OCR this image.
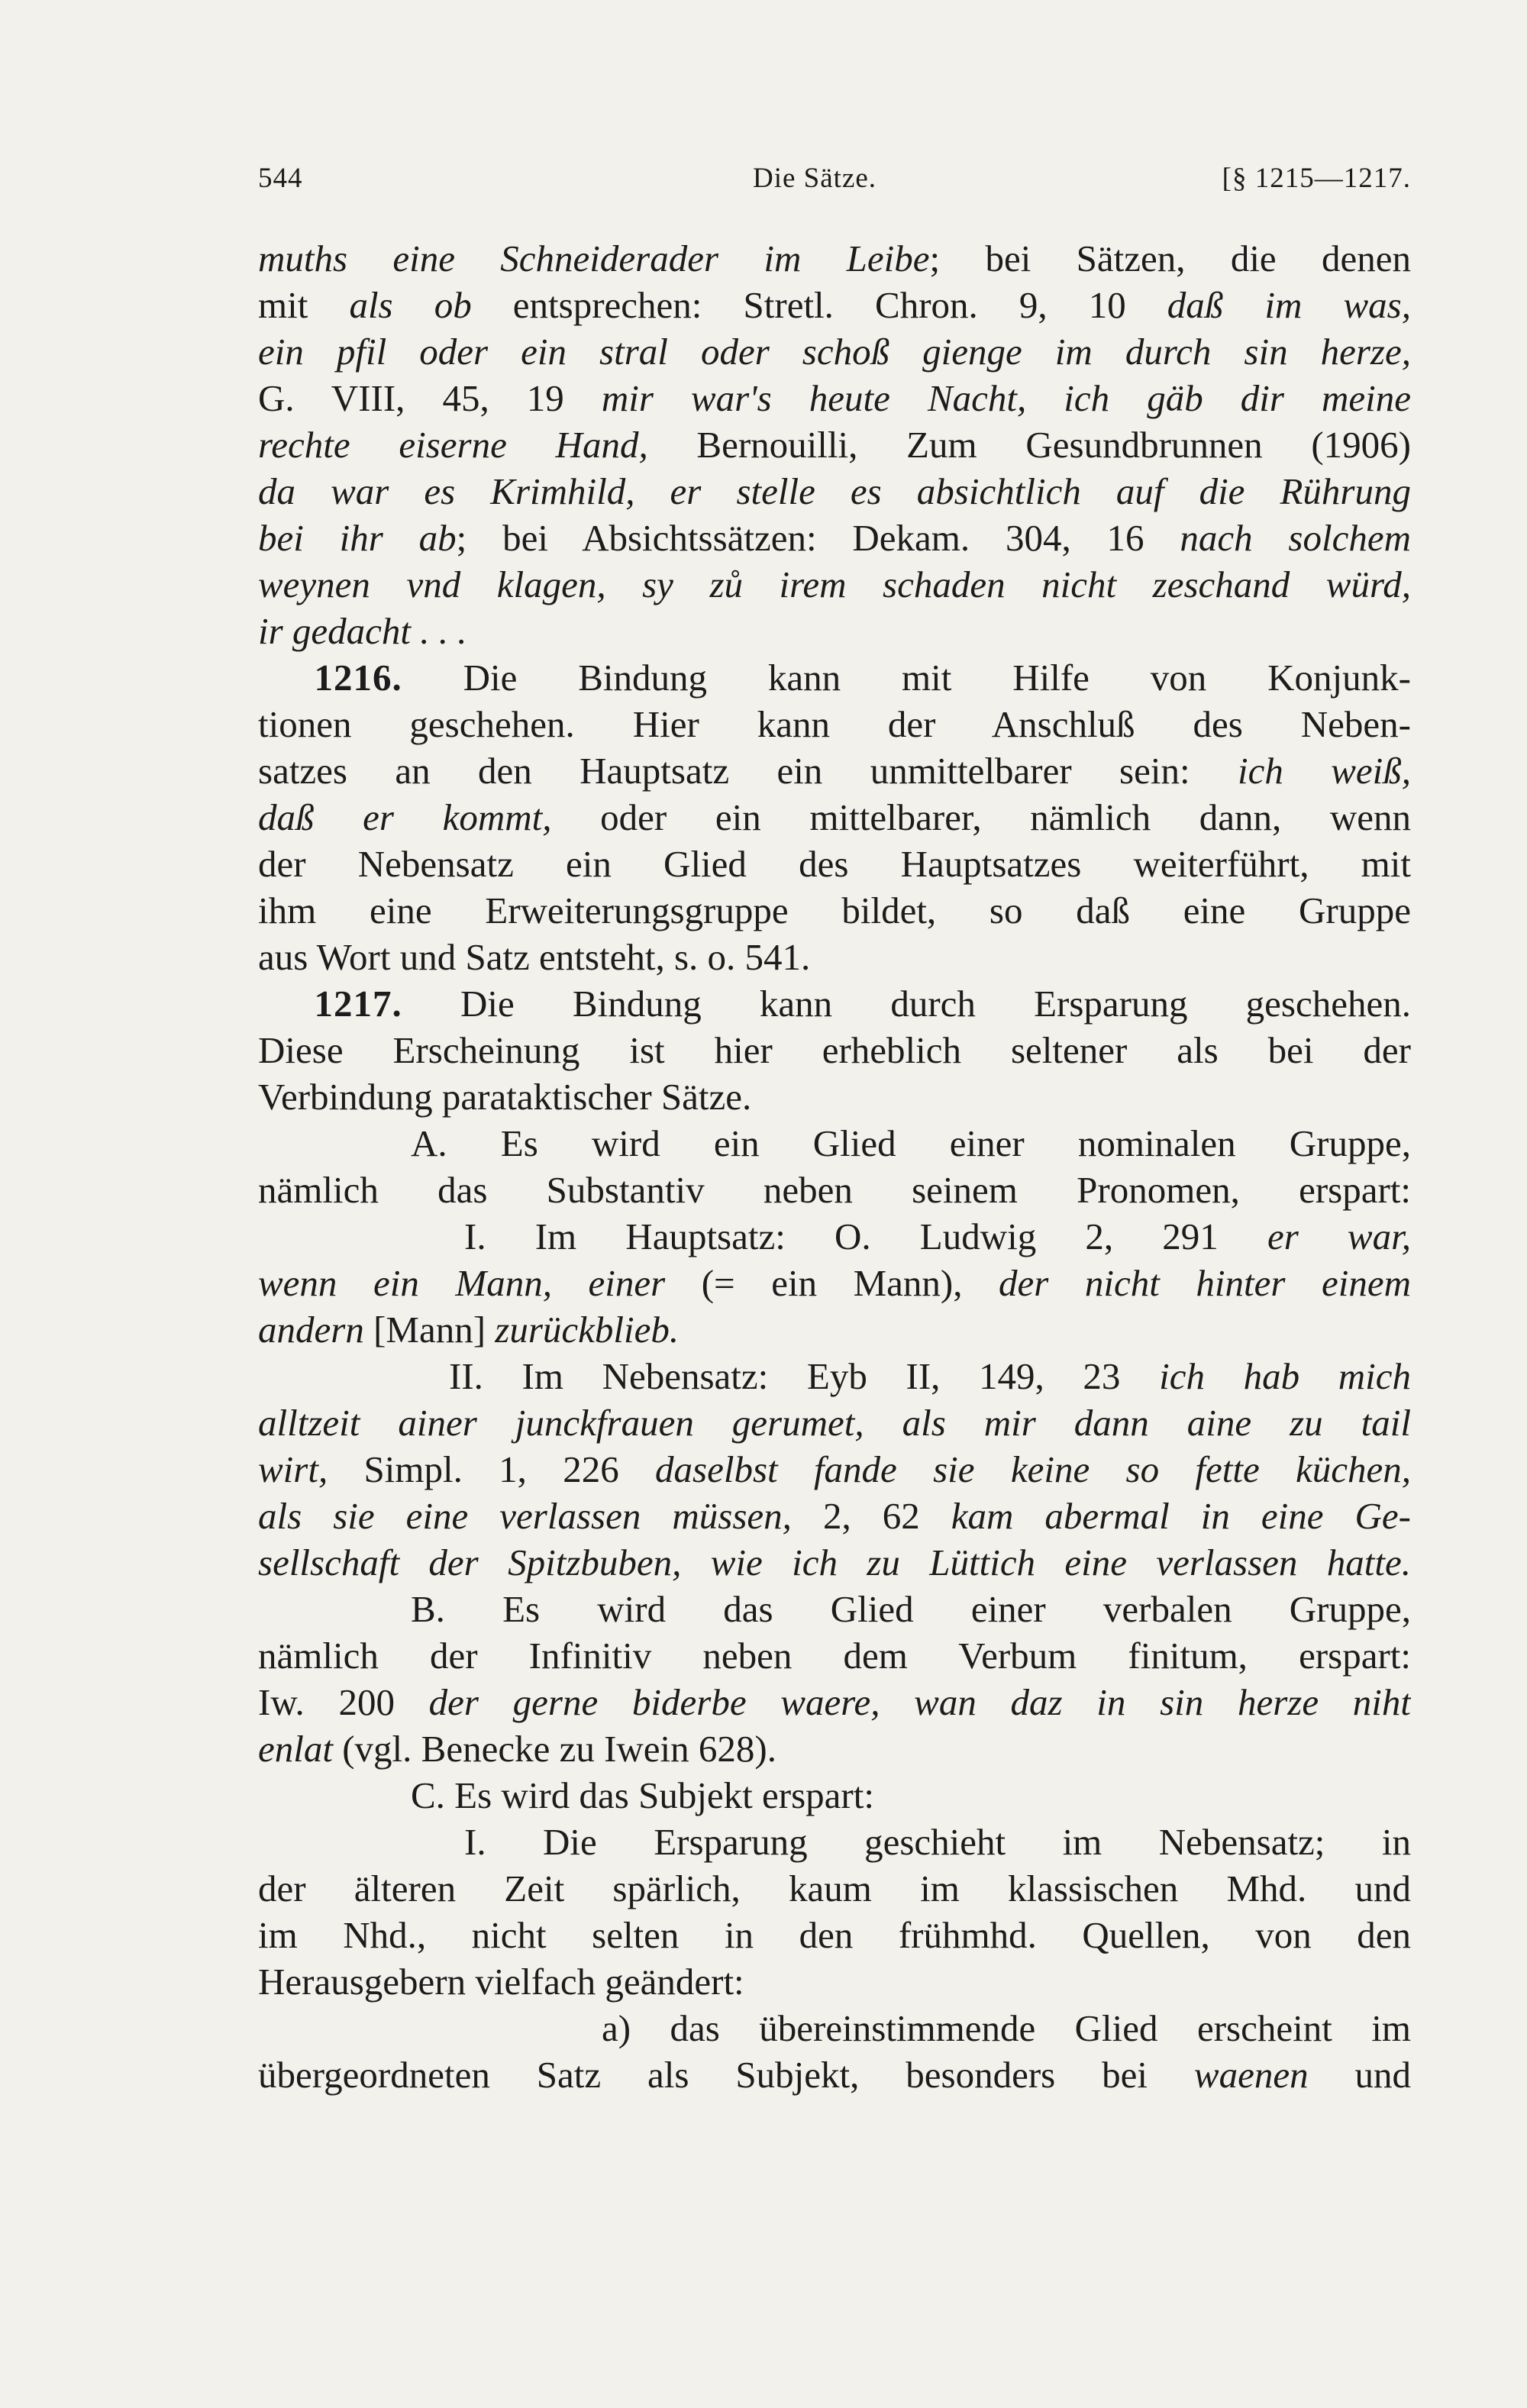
544	Die Sätze.	[§ 1215—1217.
muths eine Schneiderader im Leibe; bei Sätzen, die denen
mit als ob entsprechen: Stretl. Chron. 9, 10 daß im was,
ein pfil oder ein stral oder schoß gienge im durch sin herze,
G. VIII, 45, 19 mir war's heute Nacht, ich gäb dir meine
rechte eiserne Hand, Bernouilli, Zum Gesundbrunnen (1906)
da war es Krimhild, er stelle es absichtlich auf die Rührung
bei ihr ab; bei Absichtssätzen: Dekam. 304, 16 nach solchem
weynen vnd klagen, sy zů irem schaden nicht zeschand würd,
ir gedacht . . .
  1216. Die Bindung kann mit Hilfe von Konjunk-
tionen geschehen. Hier kann der Anschluß des Neben-
satzes an den Hauptsatz ein unmittelbarer sein: ich weiß,
daß er kommt, oder ein mittelbarer, nämlich dann, wenn
der Nebensatz ein Glied des Hauptsatzes weiterführt, mit
ihm eine Erweiterungsgruppe bildet, so daß eine Gruppe
aus Wort und Satz entsteht, s. o. 541.
  1217. Die Bindung kann durch Ersparung geschehen.
Diese Erscheinung ist hier erheblich seltener als bei der
Verbindung parataktischer Sätze.
A. Es wird ein Glied einer nominalen Gruppe,
nämlich das Substantiv neben seinem Pronomen, erspart:
I. Im Hauptsatz: O. Ludwig 2, 291 er war,
wenn ein Mann, einer (= ein Mann), der nicht hinter einem
andern [Mann] zurückblieb.
II. Im Nebensatz: Eyb II, 149, 23 ich hab mich
alltzeit ainer junckfrauen gerumet, als mir dann aine zu tail
wirt, Simpl. 1, 226 daselbst fande sie keine so fette küchen,
als sie eine verlassen müssen, 2, 62 kam abermal in eine Ge-
sellschaft der Spitzbuben, wie ich zu Lüttich eine verlassen hatte.
B. Es wird das Glied einer verbalen Gruppe,
nämlich der Infinitiv neben dem Verbum finitum, erspart:
Iw. 200 der gerne biderbe waere, wan daz in sin herze niht
enlat (vgl. Benecke zu Iwein 628).
C. Es wird das Subjekt erspart:
I. Die Ersparung geschieht im Nebensatz; in
der älteren Zeit spärlich, kaum im klassischen Mhd. und
im Nhd., nicht selten in den frühmhd. Quellen, von den
Herausgebern vielfach geändert:
a) das übereinstimmende Glied erscheint im
übergeordneten Satz als Subjekt, besonders bei waenen und
